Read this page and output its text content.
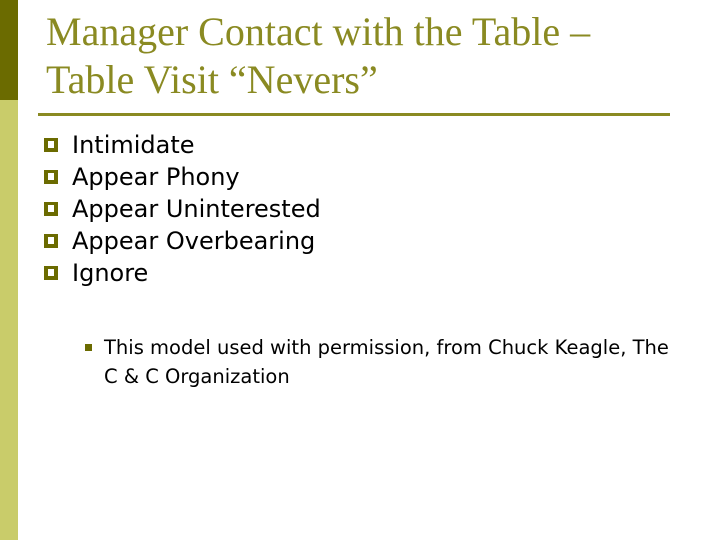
Manager Contact with the Table –
Table Visit “Nevers”
Intimidate
Appear Phony
Appear Uninterested
Appear Overbearing
Ignore
This model used with permission, from Chuck Keagle, The C & C Organization
